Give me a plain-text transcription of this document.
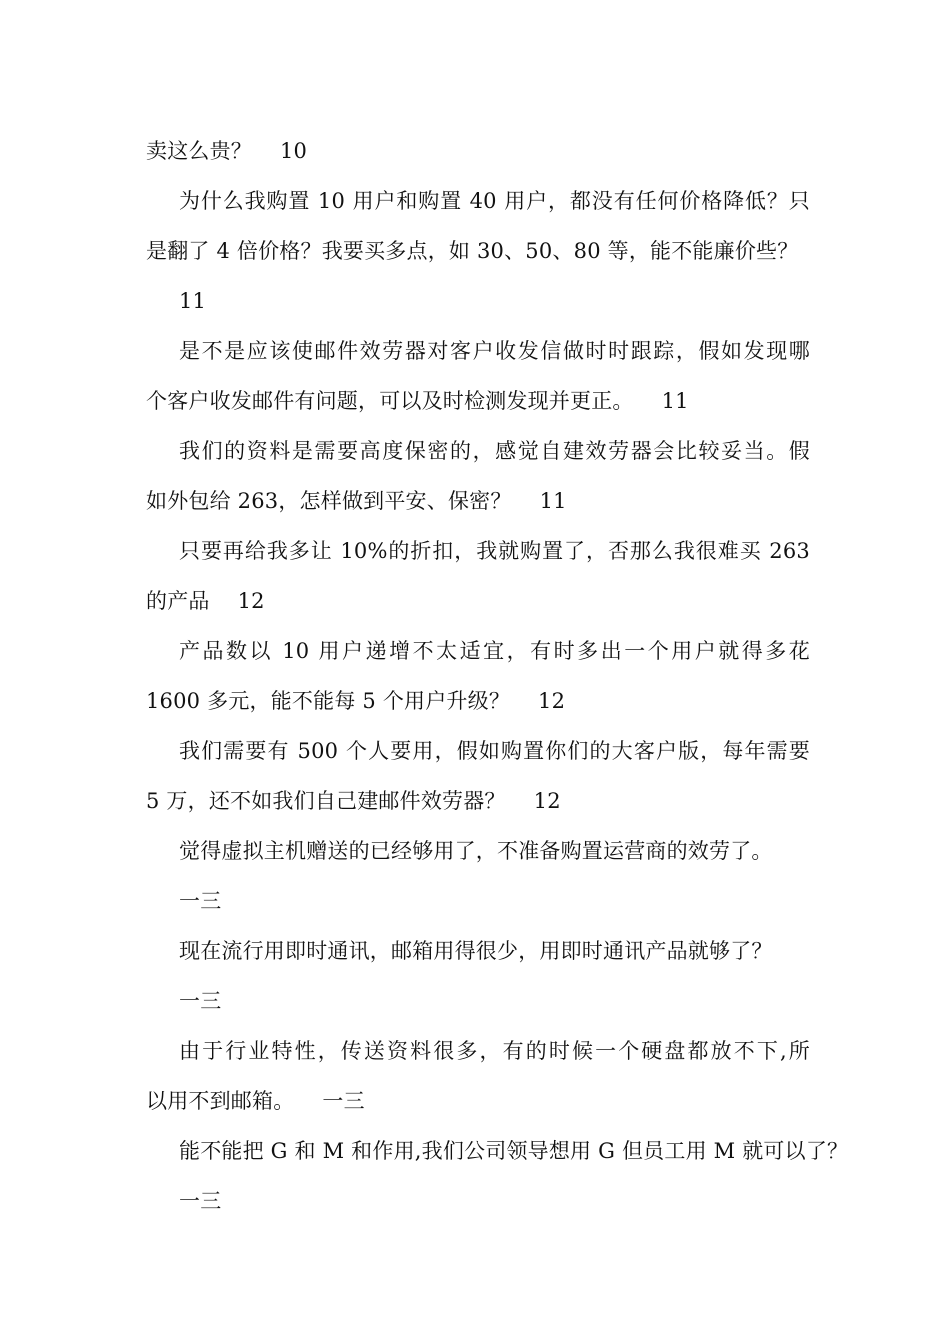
卖这么贵？ 10
为什么我购置 10 用户和购置 40 用户，都没有任何价格降低？只
是翻了 4 倍价格？我要买多点，如 30、50、80 等，能不能廉价些？
11
是不是应该使邮件效劳器对客户收发信做时时跟踪，假如发现哪
个客户收发邮件有问题，可以及时检测发现并更正。 11
我们的资料是需要高度保密的，感觉自建效劳器会比较妥当。假
如外包给 263，怎样做到平安、保密？ 11
只要再给我多让 10%的折扣，我就购置了，否那么我很难买 263
的产品 12
产品数以 10 用户递增不太适宜，有时多出一个用户就得多花
1600 多元，能不能每 5 个用户升级？ 12
我们需要有 500 个人要用，假如购置你们的大客户版，每年需要
5 万，还不如我们自己建邮件效劳器？ 12
觉得虚拟主机赠送的已经够用了，不准备购置运营商的效劳了。
一三
现在流行用即时通讯，邮箱用得很少，用即时通讯产品就够了？
一三
由于行业特性，传送资料很多，有的时候一个硬盘都放不下,所
以用不到邮箱。 一三
能不能把 G 和 M 和作用,我们公司领导想用 G 但员工用 M 就可以了？
一三
